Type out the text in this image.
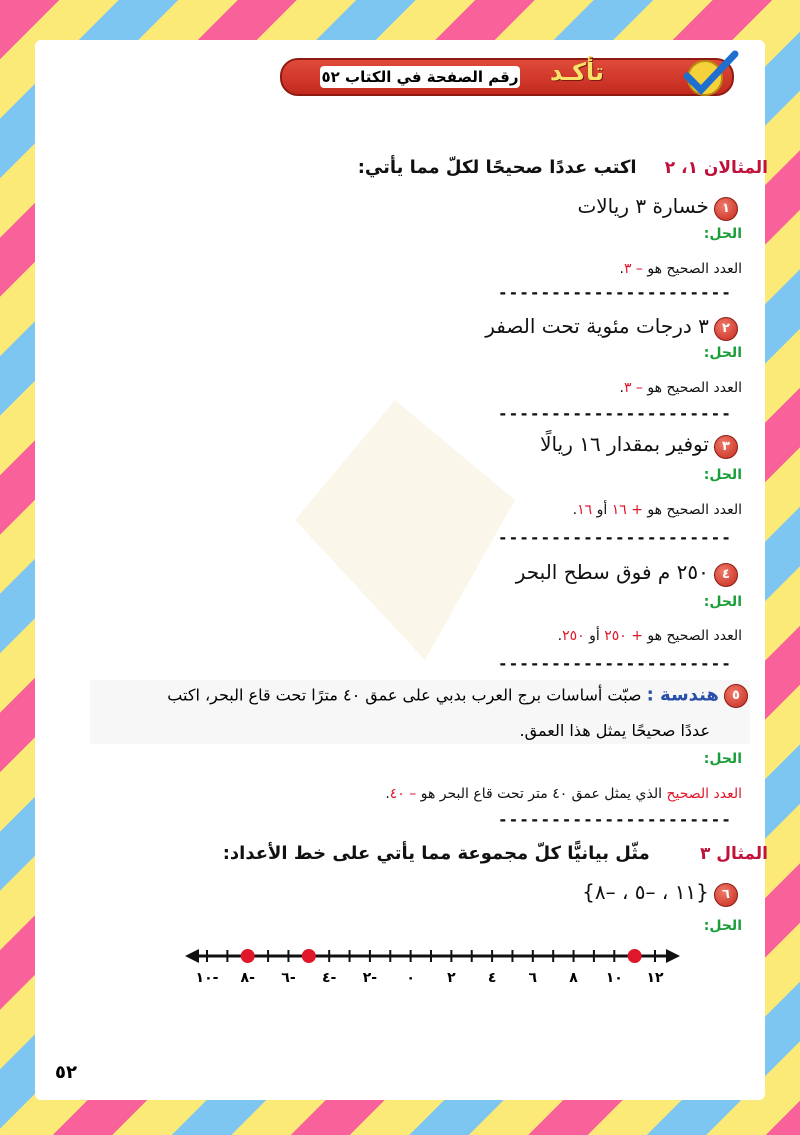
تأكـد
رقم الصفحة في الكتاب ٥٢
المثالان ١، ٢  اكتب عددًا صحيحًا لكلّ مما يأتي:
١ خسارة ٣ ريالات
الحل:
العدد الصحيح هو – ٣.
----------------------
٢ ٣ درجات مئوية تحت الصفر
الحل:
العدد الصحيح هو – ٣.
----------------------
٣ توفير بمقدار ١٦ ريالًا
الحل:
العدد الصحيح هو + ١٦ أو ١٦.
----------------------
٤ ٢٥٠ م فوق سطح البحر
الحل:
العدد الصحيح هو + ٢٥٠ أو ٢٥٠.
----------------------
٥ هندسة : صبّت أساسات برج العرب بدبي على عمق ٤٠ مترًا تحت قاع البحر، اكتب
عددًا صحيحًا يمثل هذا العمق.
الحل:
العدد الصحيح الذي يمثل عمق ٤٠ متر تحت قاع البحر هو – ٤٠.
----------------------
المثال ٣  مثّل بيانيًّا كلّ مجموعة مما يأتي على خط الأعداد:
٦ {١١ ، –٥ ، –٨}
الحل:
١٠- ٨- ٦- ٤- ٢- ٠ ٢ ٤ ٦ ٨ ١٠ ١٢
٥٢
